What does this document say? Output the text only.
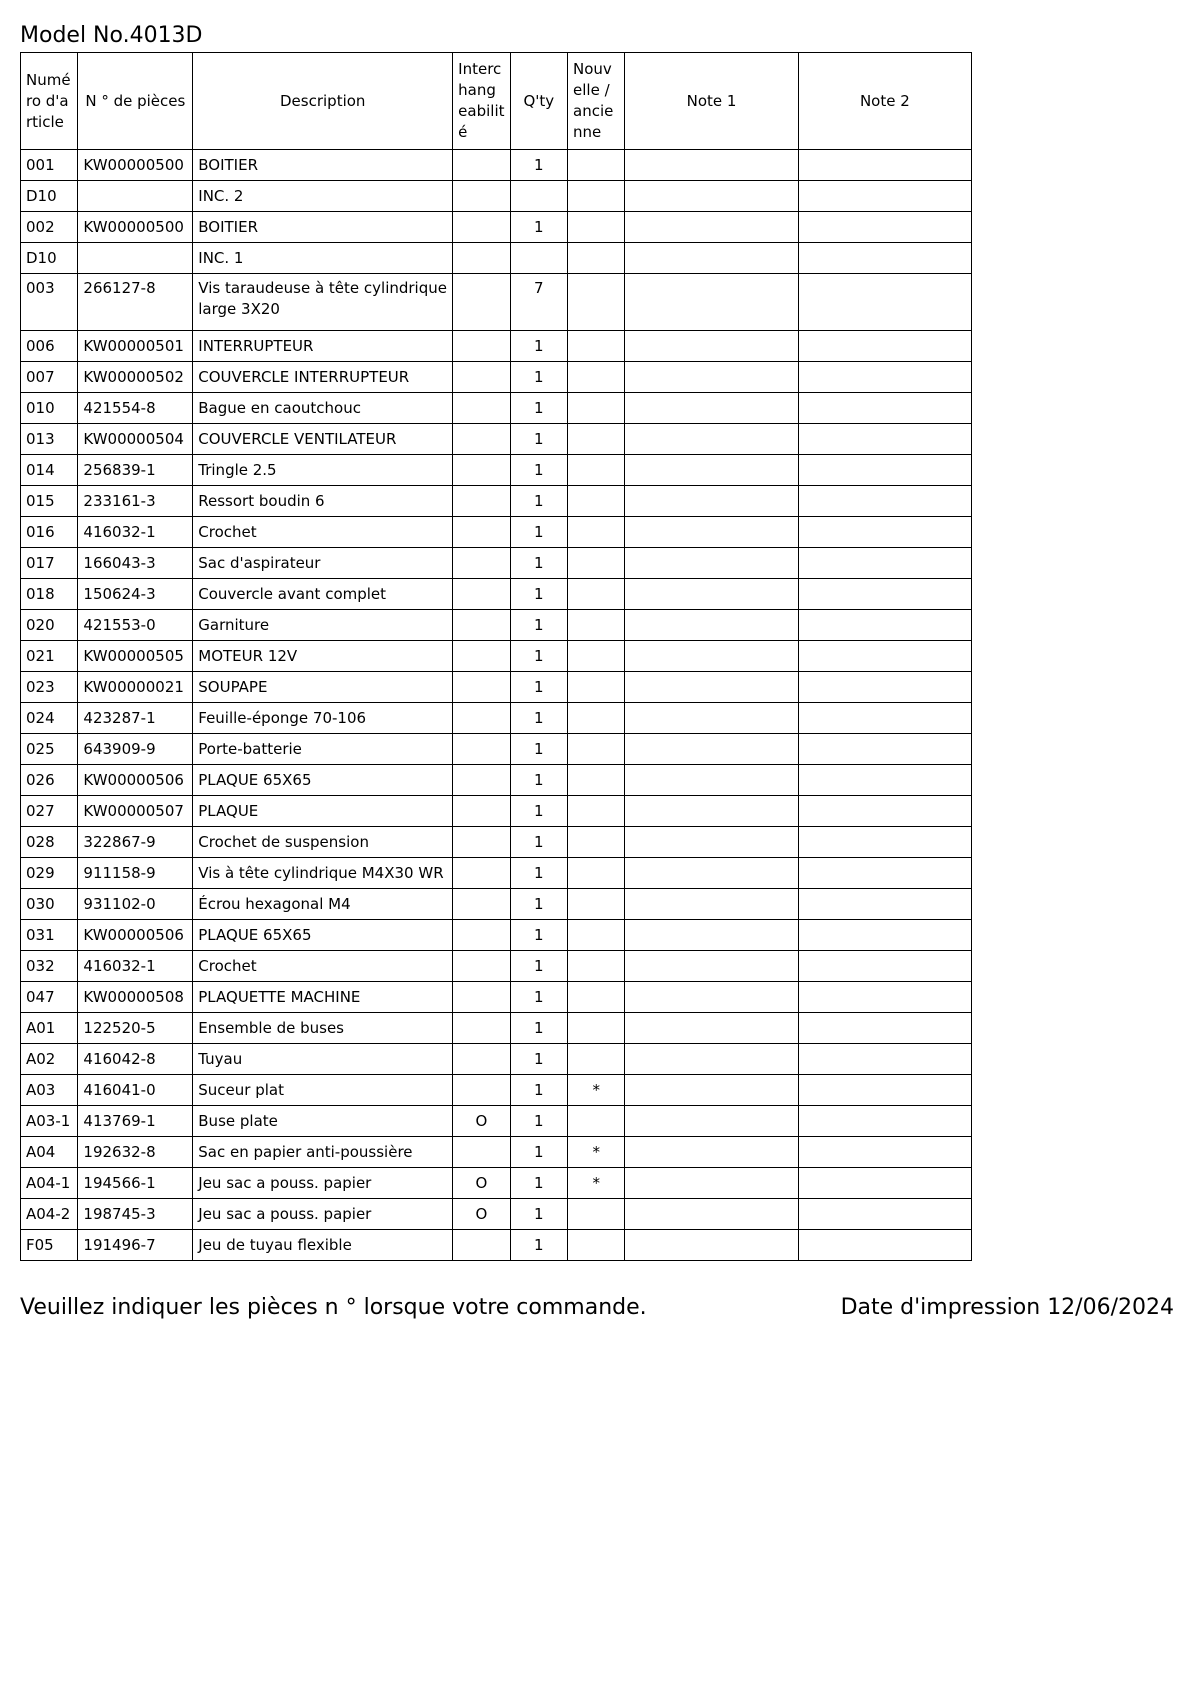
Model No.4013D
Numé ro d'a rticle	N ° de pièces	Description	Interc hang eabilit é	Q'ty	Nouv elle / ancie nne	Note 1	Note 2
001	KW00000500	BOITIER		1			
D10		INC. 2					
002	KW00000500	BOITIER		1			
D10		INC. 1					
003	266127-8	Vis taraudeuse à tête cylindrique
large 3X20		7			
006	KW00000501	INTERRUPTEUR		1			
007	KW00000502	COUVERCLE INTERRUPTEUR		1			
010	421554-8	Bague en caoutchouc		1			
013	KW00000504	COUVERCLE VENTILATEUR		1			
014	256839-1	Tringle 2.5		1			
015	233161-3	Ressort boudin 6		1			
016	416032-1	Crochet		1			
017	166043-3	Sac d'aspirateur		1			
018	150624-3	Couvercle avant complet		1			
020	421553-0	Garniture		1			
021	KW00000505	MOTEUR 12V		1			
023	KW00000021	SOUPAPE		1			
024	423287-1	Feuille-éponge 70-106		1			
025	643909-9	Porte-batterie		1			
026	KW00000506	PLAQUE 65X65		1			
027	KW00000507	PLAQUE		1			
028	322867-9	Crochet de suspension		1			
029	911158-9	Vis à tête cylindrique M4X30 WR		1			
030	931102-0	Écrou hexagonal M4		1			
031	KW00000506	PLAQUE 65X65		1			
032	416032-1	Crochet		1			
047	KW00000508	PLAQUETTE MACHINE		1			
A01	122520-5	Ensemble de buses		1			
A02	416042-8	Tuyau		1			
A03	416041-0	Suceur plat		1	*		
A03-1	413769-1	Buse plate	O	1			
A04	192632-8	Sac en papier anti-poussière		1	*		
A04-1	194566-1	Jeu sac a pouss. papier	O	1	*		
A04-2	198745-3	Jeu sac a pouss. papier	O	1			
F05	191496-7	Jeu de tuyau flexible		1			
Veuillez indiquer les pièces n ° lorsque votre commande.	Date d'impression 12/06/2024
